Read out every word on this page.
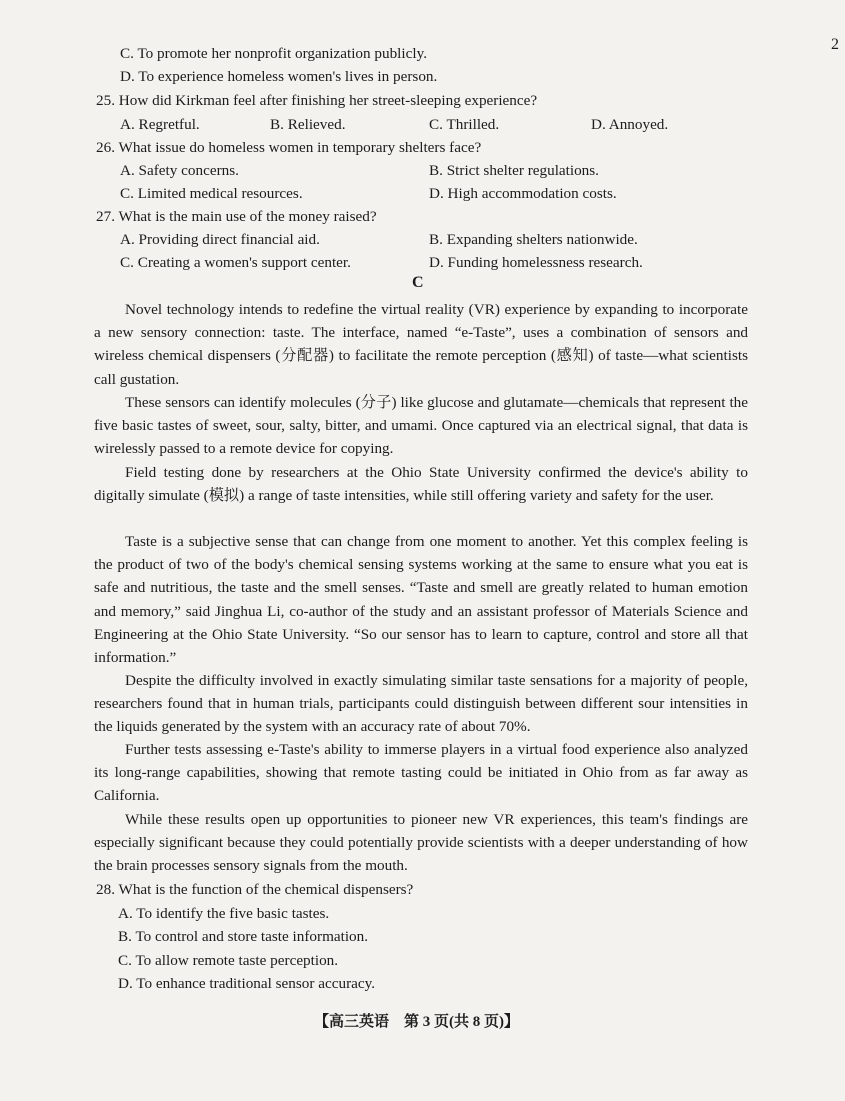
2
C. To promote her nonprofit organization publicly.
D. To experience homeless women's lives in person.
25. How did Kirkman feel after finishing her street-sleeping experience?
A. Regretful.	B. Relieved.	C. Thrilled.	D. Annoyed.
26. What issue do homeless women in temporary shelters face?
A. Safety concerns.	B. Strict shelter regulations.
C. Limited medical resources.	D. High accommodation costs.
27. What is the main use of the money raised?
A. Providing direct financial aid.	B. Expanding shelters nationwide.
C. Creating a women's support center.	D. Funding homelessness research.
C
Novel technology intends to redefine the virtual reality (VR) experience by expanding to incorporate a new sensory connection: taste. The interface, named “e-Taste”, uses a combination of sensors and wireless chemical dispensers (分配器) to facilitate the remote perception (感知) of taste—what scientists call gustation.
These sensors can identify molecules (分子) like glucose and glutamate—chemicals that represent the five basic tastes of sweet, sour, salty, bitter, and umami. Once captured via an electrical signal, that data is wirelessly passed to a remote device for copying.
Field testing done by researchers at the Ohio State University confirmed the device's ability to digitally simulate (模拟) a range of taste intensities, while still offering variety and safety for the user.
Taste is a subjective sense that can change from one moment to another. Yet this complex feeling is the product of two of the body's chemical sensing systems working at the same to ensure what you eat is safe and nutritious, the taste and the smell senses. “Taste and smell are greatly related to human emotion and memory,” said Jinghua Li, co-author of the study and an assistant professor of Materials Science and Engineering at the Ohio State University. “So our sensor has to learn to capture, control and store all that information.”
Despite the difficulty involved in exactly simulating similar taste sensations for a majority of people, researchers found that in human trials, participants could distinguish between different sour intensities in the liquids generated by the system with an accuracy rate of about 70%.
Further tests assessing e-Taste's ability to immerse players in a virtual food experience also analyzed its long-range capabilities, showing that remote tasting could be initiated in Ohio from as far away as California.
While these results open up opportunities to pioneer new VR experiences, this team's findings are especially significant because they could potentially provide scientists with a deeper understanding of how the brain processes sensory signals from the mouth.
28. What is the function of the chemical dispensers?
A. To identify the five basic tastes.
B. To control and store taste information.
C. To allow remote taste perception.
D. To enhance traditional sensor accuracy.
【高三英语　第 3 页(共 8 页)】
